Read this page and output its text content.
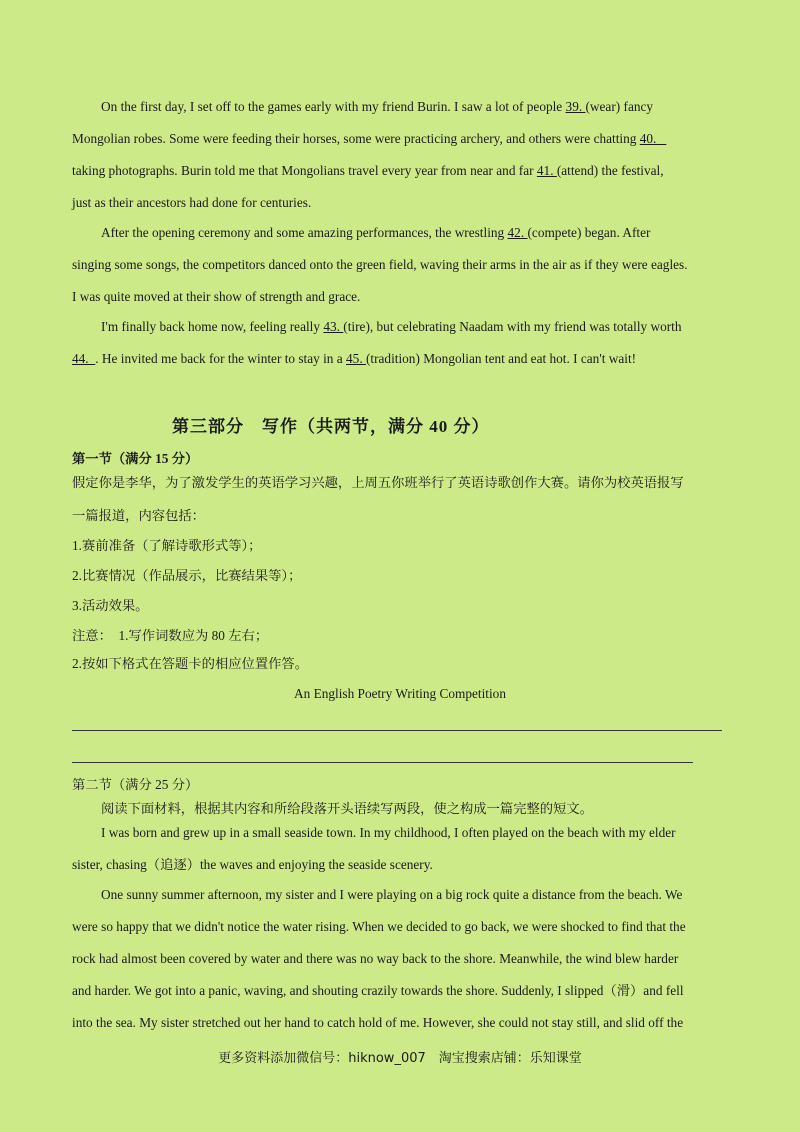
On the first day, I set off to the games early with my friend Burin. I saw a lot of people 39. (wear) fancy
Mongolian robes. Some were feeding their horses, some were practicing archery, and others were chatting 40.
taking photographs. Burin told me that Mongolians travel every year from near and far 41. (attend) the festival,
just as their ancestors had done for centuries.
After the opening ceremony and some amazing performances, the wrestling 42. (compete) began. After
singing some songs, the competitors danced onto the green field, waving their arms in the air as if they were eagles.
I was quite moved at their show of strength and grace.
I'm finally back home now, feeling really 43. (tire), but celebrating Naadam with my friend was totally worth
44.  . He invited me back for the winter to stay in a 45. (tradition) Mongolian tent and eat hot. I can't wait!
第三部分　写作（共两节，满分 40 分）
第一节（满分 15 分）
假定你是李华，为了激发学生的英语学习兴趣，上周五你班举行了英语诗歌创作大赛。请你为校英语报写
一篇报道，内容包括：
1.赛前准备（了解诗歌形式等）；
2.比赛情况（作品展示，比赛结果等）；
3.活动效果。
注意：　1.写作词数应为 80 左右；
2.按如下格式在答题卡的相应位置作答。
An English Poetry Writing Competition
第二节（满分 25 分）
阅读下面材料，根据其内容和所给段落开头语续写两段，使之构成一篇完整的短文。
I was born and grew up in a small seaside town. In my childhood, I often played on the beach with my elder
sister, chasing（追逐）the waves and enjoying the seaside scenery.
One sunny summer afternoon, my sister and I were playing on a big rock quite a distance from the beach. We
were so happy that we didn't notice the water rising. When we decided to go back, we were shocked to find that the
rock had almost been covered by water and there was no way back to the shore. Meanwhile, the wind blew harder
and harder. We got into a panic, waving, and shouting crazily towards the shore. Suddenly, I slipped（滑）and fell
into the sea. My sister stretched out her hand to catch hold of me. However, she could not stay still, and slid off the
更多资料添加微信号：hiknow_007　淘宝搜索店铺：乐知课堂
